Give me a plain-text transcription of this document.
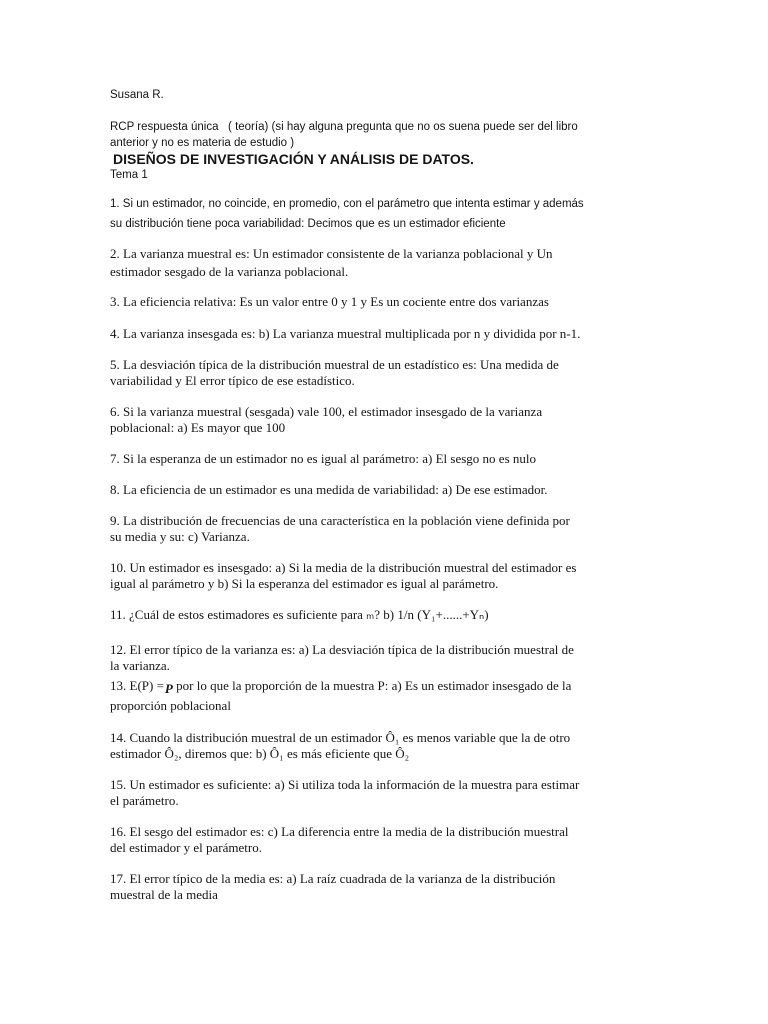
Susana R.

RCP respuesta única   ( teoría) (si hay alguna pregunta que no os suena puede ser del libro

anterior y no es materia de estudio )

DISEÑOS DE INVESTIGACIÓN Y ANÁLISIS DE DATOS.

Tema 1

1. Si un estimador, no coincide, en promedio, con el parámetro que intenta estimar y además

su distribución tiene poca variabilidad: Decimos que es un estimador eficiente

2. La varianza muestral es: Un estimador consistente de la varianza poblacional y Un

estimador sesgado de la varianza poblacional.

3. La eficiencia relativa: Es un valor entre 0 y 1 y Es un cociente entre dos varianzas

4. La varianza insesgada es: b) La varianza muestral multiplicada por n y dividida por n-1.

5. La desviación típica de la distribución muestral de un estadístico es: Una medida de

variabilidad y El error típico de ese estadístico.

6. Si la varianza muestral (sesgada) vale 100, el estimador insesgado de la varianza

poblacional: a) Es mayor que 100

7. Si la esperanza de un estimador no es igual al parámetro: a) El sesgo no es nulo

8. La eficiencia de un estimador es una medida de variabilidad: a) De ese estimador.

9. La distribución de frecuencias de una característica en la población viene definida por

su media y su: c) Varianza.

10. Un estimador es insesgado: a) Si la media de la distribución muestral del estimador es

igual al parámetro y b) Si la esperanza del estimador es igual al parámetro.

11. ¿Cuál de estos estimadores es suficiente para ₘ? b) 1/n (Y₁+......+Yₙ)

12. El error típico de la varianza es: a) La desviación típica de la distribución muestral de

la varianza.

13. E(P) =P por lo que la proporción de la muestra P: a) Es un estimador insesgado de la

proporción poblacional

14. Cuando la distribución muestral de un estimador Ô₁ es menos variable que la de otro

estimador Ô₂, diremos que: b) Ô₁ es más eficiente que Ô₂

15. Un estimador es suficiente: a) Si utiliza toda la información de la muestra para estimar

el parámetro.

16. El sesgo del estimador es: c) La diferencia entre la media de la distribución muestral

del estimador y el parámetro.

17. El error típico de la media es: a) La raíz cuadrada de la varianza de la distribución

muestral de la media
